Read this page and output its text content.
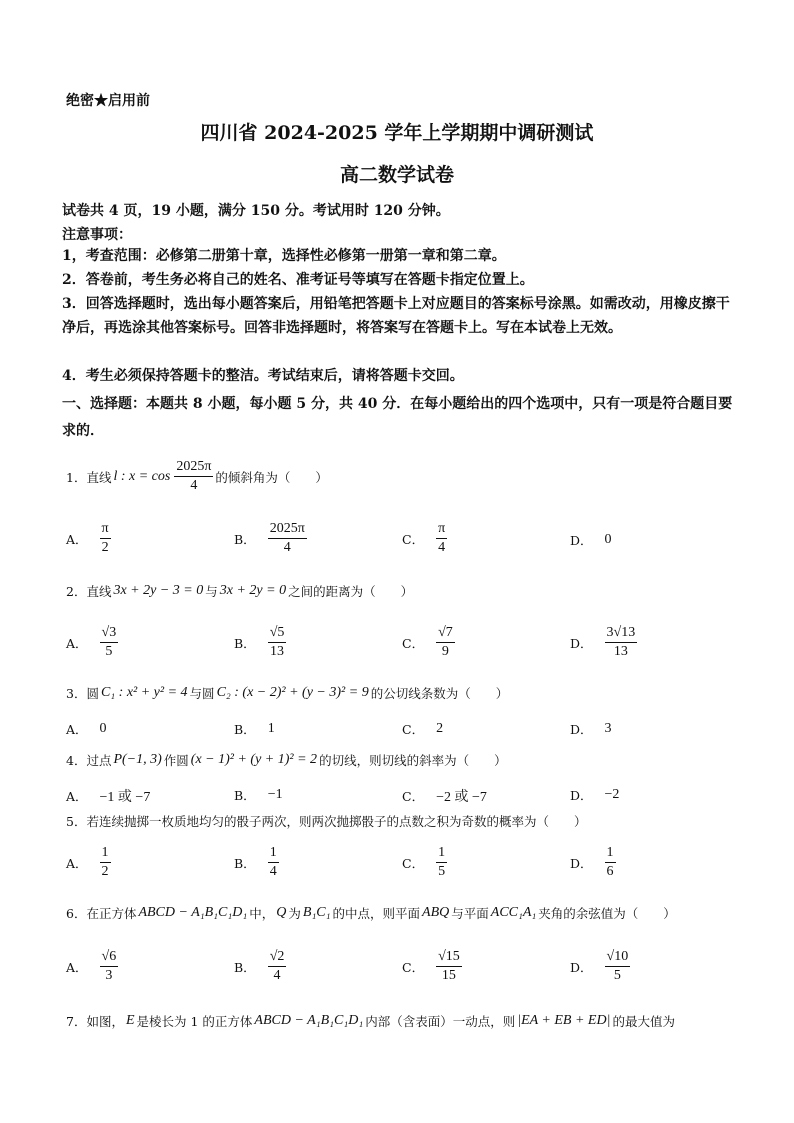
绝密★启用前
四川省 2024-2025 学年上学期期中调研测试
高二数学试卷
试卷共 4 页，19 小题，满分 150 分。考试用时 120 分钟。
注意事项：
1，考查范围：必修第二册第十章，选择性必修第一册第一章和第二章。
2．答卷前，考生务必将自己的姓名、准考证号等填写在答题卡指定位置上。
3．回答选择题时，选出每小题答案后，用铅笔把答题卡上对应题目的答案标号涂黑。如需改动，用橡皮擦干净后，再选涂其他答案标号。回答非选择题时，将答案写在答题卡上。写在本试卷上无效。
4．考生必须保持答题卡的整洁。考试结束后，请将答题卡交回。
一、选择题：本题共 8 小题，每小题 5 分，共 40 分．在每小题给出的四个选项中，只有一项是符合题目要求的．
1．直线 l : $x = \cos \frac{2025\pi}{4}$ 的倾斜角为（　　）
A． $\frac{\pi}{2}$	B． $\frac{2025\pi}{4}$	C． $\frac{\pi}{4}$	D． 0
2．直线 3x + 2y − 3 = 0 与 3x + 2y = 0 之间的距离为（　　）
A． $\frac{√3}{5}$	B． $\frac{√5}{13}$	C． $\frac{√7}{9}$	D． $\frac{3√13}{13}$
3．圆 C₁ : x² + y² = 4 与圆 C₂ : (x − 2)² + (y − 3)² = 9 的公切线条数为（　　）
A． 0	B． 1	C． 2	D． 3
4．过点 P(−1, 3) 作圆 (x − 1)² + (y + 1)² = 2 的切线，则切线的斜率为（　　）
A． −1 或 −7	B． −1	C． −2 或 −7	D． −2
5．若连续抛掷一枚质地均匀的骰子两次，则两次抛掷骰子的点数之积为奇数的概率为（　　）
A． $\frac{1}{2}$	B． $\frac{1}{4}$	C． $\frac{1}{5}$	D． $\frac{1}{6}$
6．在正方体 ABCD − A₁B₁C₁D₁ 中， Q 为 B₁C₁ 的中点，则平面 ABQ 与平面 ACC₁A₁ 夹角的余弦值为（　　）
A． $\frac{√6}{3}$	B． $\frac{√2}{4}$	C． $\frac{√15}{15}$	D． $\frac{√10}{5}$
7．如图， E 是棱长为 1 的正方体 ABCD − A₁B₁C₁D₁ 内部（含表面）一动点，则 |EA + EB + ED| 的最大值为
